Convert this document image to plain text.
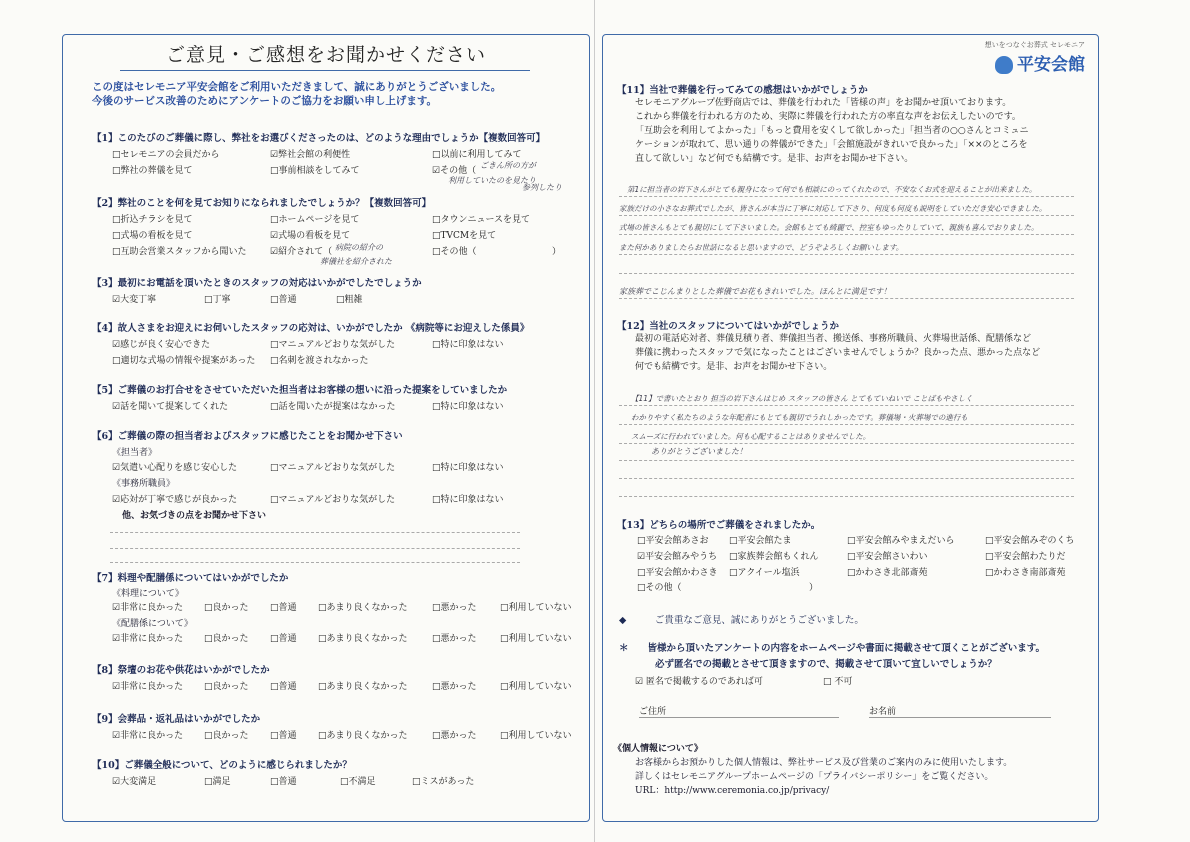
ご意見・ご感想をお聞かせください
この度はセレモニア平安会館をご利用いただきまして、誠にありがとうございました。
今後のサービス改善のためにアンケートのご協力をお願い申し上げます。
【1】このたびのご葬儀に際し、弊社をお選びくださったのは、どのような理由でしょうか【複数回答可】
□セレモニアの会員だから	☑弊社会館の利便性	□以前に利用してみて
□弊社の葬儀を見て	□事前相談をしてみて	☑その他（
ごきん所の方が
利用していたのを見たり
参列したり
【2】弊社のことを何を見てお知りになられましたでしょうか？【複数回答可】
□折込チラシを見て	□ホームページを見て	□タウンニュースを見て
□式場の看板を見て	☑式場の看板を見て	□TVCMを見て
□互助会営業スタッフから聞いた	☑紹介されて（	□その他（	）
病院の紹介の
葬儀社を紹介された
【3】最初にお電話を頂いたときのスタッフの対応はいかがでしたでしょうか
☑大変丁寧	□丁寧	□普通	□粗雑
【4】故人さまをお迎えにお伺いしたスタッフの応対は、いかがでしたか 《病院等にお迎えした係員》
☑感じが良く安心できた	□マニュアルどおりな気がした	□特に印象はない
□適切な式場の情報や提案があった □名刺を渡されなかった
【5】ご葬儀のお打合せをさせていただいた担当者はお客様の想いに沿った提案をしていましたか
☑話を聞いて提案してくれた	□話を聞いたが提案はなかった	□特に印象はない
【6】ご葬儀の際の担当者およびスタッフに感じたことをお聞かせ下さい
《担当者》
☑気遣い心配りを感じ安心した	□マニュアルどおりな気がした	□特に印象はない
《事務所職員》
☑応対が丁寧で感じが良かった	□マニュアルどおりな気がした	□特に印象はない
他、お気づきの点をお聞かせ下さい
【7】料理や配膳係についてはいかがでしたか
《料理について》
☑非常に良かった □良かった □普通 □あまり良くなかった	□悪かった	□利用していない
《配膳係について》
☑非常に良かった □良かった □普通 □あまり良くなかった	□悪かった	□利用していない
【8】祭壇のお花や供花はいかがでしたか
☑非常に良かった □良かった □普通 □あまり良くなかった	□悪かった	□利用していない
【9】会葬品・返礼品はいかがでしたか
☑非常に良かった □良かった □普通 □あまり良くなかった	□悪かった	□利用していない
【10】ご葬儀全般について、どのように感じられましたか？
☑大変満足	□満足	□普通	□不満足	□ミスがあった
想いをつなぐお葬式 セレモニア
平安会館
【11】当社で葬儀を行ってみての感想はいかがでしょうか
セレモニアグループ佐野商店では、葬儀を行われた「皆様の声」をお聞かせ頂いております。
これから葬儀を行われる方のため、実際に葬儀を行われた方の率直な声をお伝えしたいのです。
「互助会を利用してよかった」「もっと費用を安くして欲しかった」「担当者の○○さんとコミュニ
ケーションが取れて、思い通りの葬儀ができた」「会館施設がきれいで良かった」「××のところを
直して欲しい」など何でも結構です。是非、お声をお聞かせ下さい。
第1に担当者の岩下さんがとても親身になって何でも相談にのってくれたので、不安なくお式を迎えることが出来ました。
家族だけの小さなお葬式でしたが、皆さんが本当に丁寧に対応して下さり、何度も何度も説明をしていただき安心できました。
式場の皆さんもとても親切にして下さいました。会館もとても綺麗で、控室もゆったりしていて、親族も喜んでおりました。
また何かありましたらお世話になると思いますので、どうぞよろしくお願いします。
家族葬でこじんまりとした葬儀でお花もきれいでした。ほんとに満足です！
【12】当社のスタッフについてはいかがでしょうか
最初の電話応対者、葬儀見積り者、葬儀担当者、搬送係、事務所職員、火葬場世話係、配膳係など
葬儀に携わったスタッフで気になったことはございませんでしょうか？良かった点、悪かった点など
何でも結構です。是非、お声をお聞かせ下さい。
【11】で書いたとおり 担当の岩下さんはじめ スタッフの皆さん とてもていねいで ことばもやさしく
わかりやすく私たちのような年配者にもとても親切でうれしかったです。葬儀場・火葬場での進行も
スムーズに行われていました。何も心配することはありませんでした。
ありがとうございました！
【13】どちらの場所でご葬儀をされましたか。
□平安会館あさお □平安会館たま	□平安会館みやまえだいら	□平安会館みぞのくち
☑平安会館みやうち □家族葬会館もくれん	□平安会館さいわい	□平安会館わたりだ
□平安会館かわさき □アクイール塩浜	□かわさき北部斎苑	□かわさき南部斎苑
□その他（	）
◆　　　	ご貴重なご意見、誠にありがとうございました。
＊　　 皆様から頂いたアンケートの内容をホームページや書面に掲載させて頂くことがございます。
必ず匿名での掲載とさせて頂きますので、掲載させて頂いて宜しいでしょうか？
☑ 匿名で掲載するのであれば可	□ 不可
ご住所	お名前
《個人情報について》
お客様からお預かりした個人情報は、弊社サービス及び営業のご案内のみに使用いたします。
詳しくはセレモニアグループホームページの「プライバシーポリシー」をご覧ください。
URL：http://www.ceremonia.co.jp/privacy/
